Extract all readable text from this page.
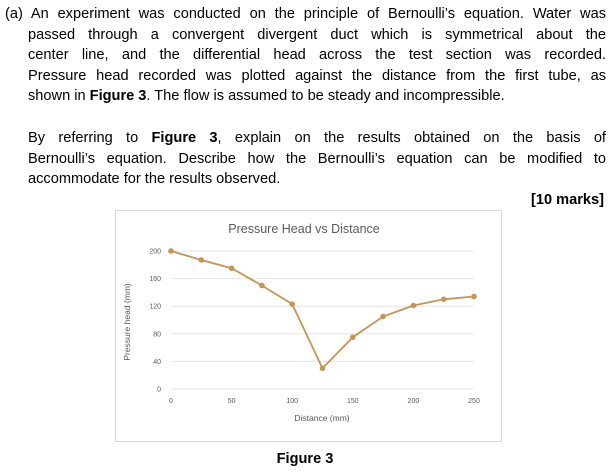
(a) An experiment was conducted on the principle of Bernoulli’s equation. Water was

passed through a convergent divergent duct which is symmetrical about the

center line, and the differential head across the test section was recorded.

Pressure head recorded was plotted against the distance from the first tube, as

shown in Figure 3. The flow is assumed to be steady and incompressible.

By referring to Figure 3, explain on the results obtained on the basis of

Bernoulli’s equation. Describe how the Bernoulli’s equation can be modified to

accommodate for the results observed.

[10 marks]
Pressure Head vs Distance
0
40
80
120
160
200
0	50	100	150	200	250
Distance (mm)
Pressure head (mm)
Figure 3
